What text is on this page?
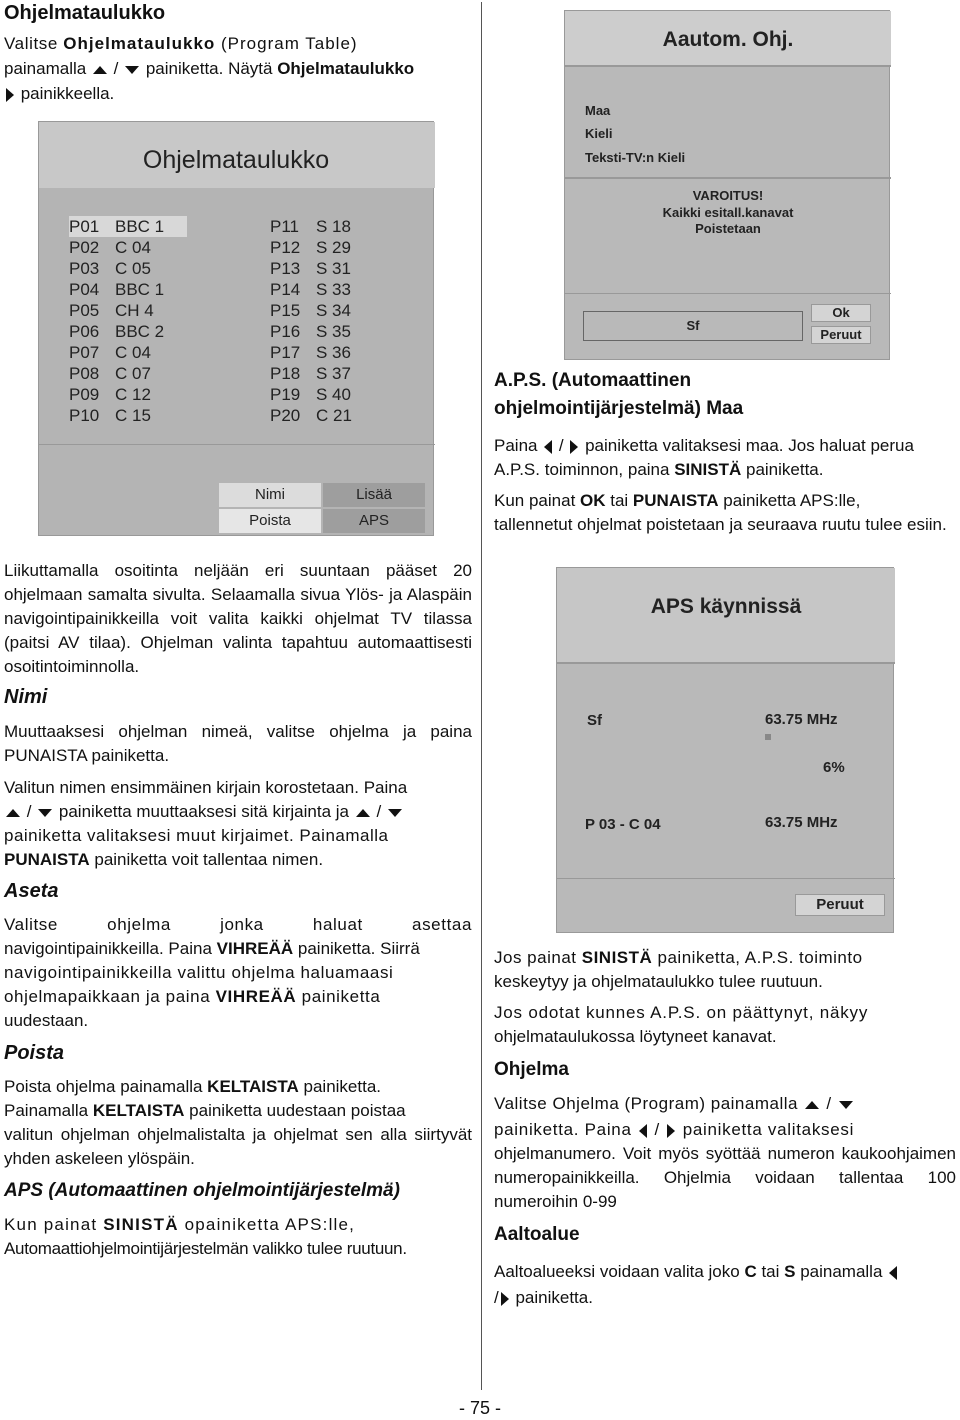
Ohjelmataulukko
Valitse Ohjelmataulukko (Program Table)
painamalla  /  painiketta. Näytä Ohjelmataulukko
painikkeella.
Ohjelmataulukko
P01 BBC 1
P02 C 04
P03 C 05
P04 BBC 1
P05 CH 4
P06 BBC 2
P07 C 04
P08 C 07
P09 C 12
P10 C 15
P11	S 18
P12 S 29
P13 S 31
P14 S 33
P15 S 34
P16 S 35
P17 S 36
P18 S 37
P19 S 40
P20 C 21
Nimi	Lisää
Poista	APS
Liikuttamalla osoitinta neljään eri suuntaan pääset 20 ohjelmaan samalta sivulta. Selaamalla sivua Ylös- ja Alaspäin navigointipainikkeilla voit valita kaikki ohjelmat TV tilassa (paitsi AV tilaa). Ohjelman valinta tapahtuu automaattisesti osoitintoiminnolla.
Nimi
Muuttaaksesi ohjelman nimeä, valitse ohjelma ja paina PUNAISTA painiketta.
Valitun nimen ensimmäinen kirjain korostetaan. Paina
/  painiketta muuttaaksesi sitä kirjainta ja  /
painiketta valitaksesi muut kirjaimet. Painamalla
PUNAISTA painiketta voit tallentaa nimen.
Aseta
Valitse ohjelma jonka haluat asettaa
navigointipainikkeilla. Paina VIHREÄÄ painiketta. Siirrä
navigointipainikkeilla valittu ohjelma haluamaasi
ohjelmapaikkaan ja paina VIHREÄÄ painiketta
uudestaan.
Poista
Poista ohjelma painamalla KELTAISTA painiketta.
Painamalla KELTAISTA painiketta uudestaan poistaa
valitun ohjelman ohjelmalistalta ja ohjelmat sen alla siirtyvät yhden askeleen ylöspäin.
APS (Automaattinen ohjelmointijärjestelmä)
Kun painat SINISTÄ opainiketta APS:lle,
Automaattiohjelmointijärjestelmän valikko tulee ruutuun.
Aautom. Ohj.
Maa
Kieli
Teksti-TV:n Kieli
VAROITUS!
Kaikki esitall.kanavat
Poistetaan
Sf
Ok
Peruut
A.P.S. (Automaattinen
ohjelmointijärjestelmä) Maa
Paina  /  painiketta valitaksesi maa. Jos haluat perua
A.P.S. toiminnon, paina SINISTÄ painiketta.
Kun painat OK tai PUNAISTA painiketta APS:lle,
tallennetut ohjelmat poistetaan ja seuraava ruutu tulee esiin.
APS käynnissä
Sf	63.75 MHz
6%
P 03 - C 04	63.75 MHz
Peruut
Jos painat SINISTÄ painiketta, A.P.S. toiminto
keskeytyy ja ohjelmataulukko tulee ruutuun.
Jos odotat kunnes A.P.S. on päättynyt, näkyy
ohjelmataulukossa löytyneet kanavat.
Ohjelma
Valitse Ohjelma (Program) painamalla  /
painiketta. Paina  /  painiketta valitaksesi
ohjelmanumero. Voit myös syöttää numeron kaukoohjaimen numeropainikkeilla. Ohjelmia voidaan tallentaa 100 numeroihin 0-99
Aaltoalue
Aaltoalueeksi voidaan valita joko C tai S painamalla
/ painiketta.
- 75 -
